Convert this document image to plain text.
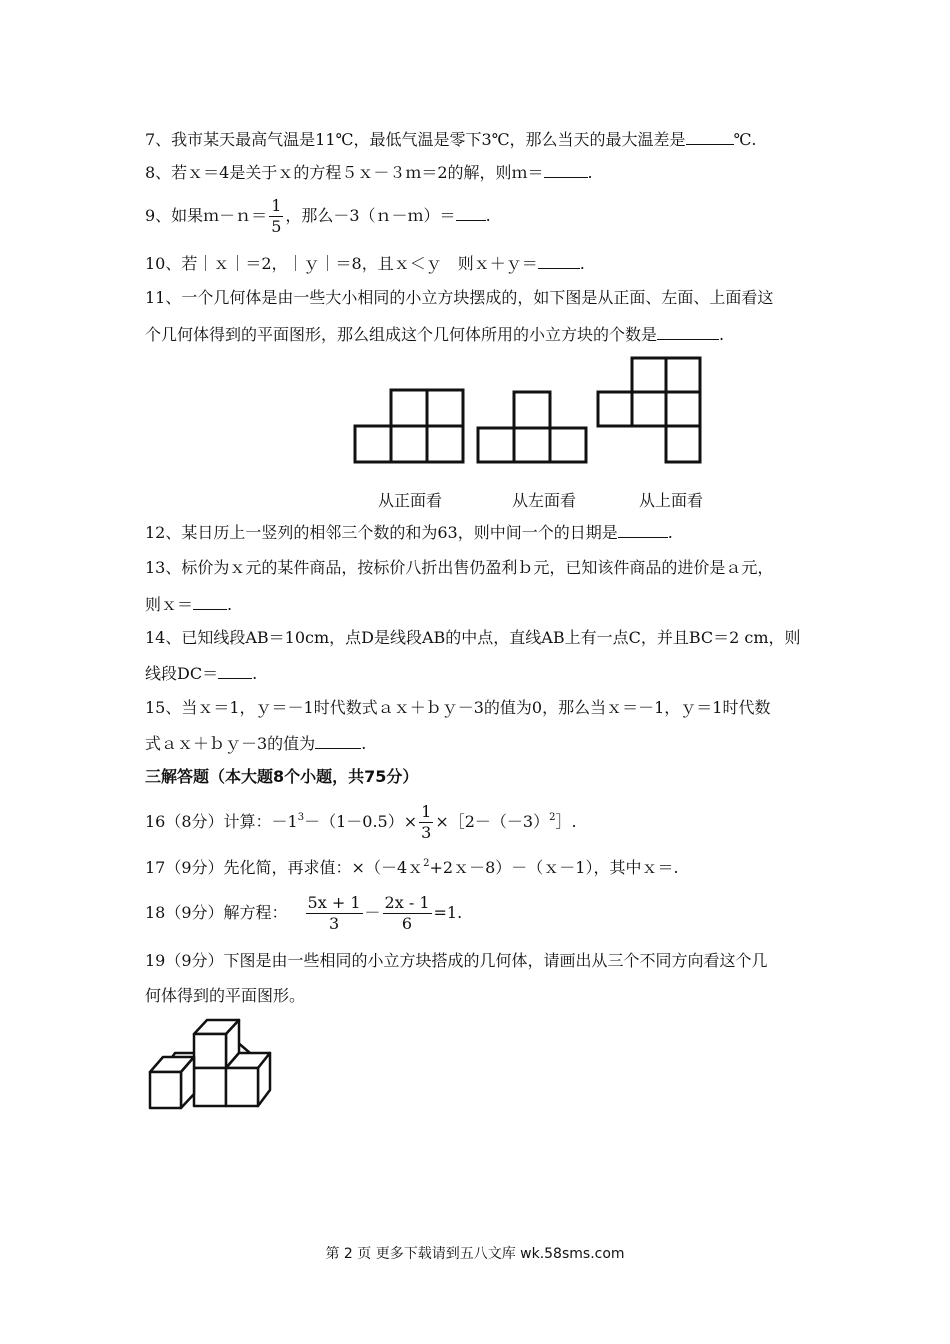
7、我市某天最高气温是11℃，最低气温是零下3℃，那么当天的最大温差是	℃.
8、若ｘ＝4是关于ｘ的方程５ｘ－３ｍ＝2的解，则ｍ＝	.
9、如果ｍ－ｎ＝ $\frac{1}{5}$ ，那么－3（ｎ－ｍ）＝ .
10、若｜ｘ｜＝2，｜ｙ｜＝8，且ｘ＜ｙ　则ｘ＋ｙ＝	.
11、一个几何体是由一些大小相同的小立方块摆成的，如下图是从正面、左面、上面看这
个几何体得到的平面图形，那么组成这个几何体所用的小立方块的个数是	.
从正面看	从左面看	从上面看
12、某日历上一竖列的相邻三个数的和为63，则中间一个的日期是	.
13、标价为ｘ元的某件商品，按标价八折出售仍盈利ｂ元，已知该件商品的进价是ａ元，
则ｘ＝ .
14、已知线段AB＝10cm，点D是线段AB的中点，直线AB上有一点C，并且BC＝2 cm，则
线段DC＝ .
15、当ｘ＝1，ｙ＝－1时代数式ａｘ＋ｂｙ－3的值为0，那么当ｘ＝－1，ｙ＝1时代数
式ａｘ＋ｂｙ－3的值为	.
三解答题（本大题8个小题，共75分）
16（8分）计算：$-1^3-(1-0.5)\times \frac{1}{3}$ $\times[2-(-3)^2]$.
17（9分）先化简，再求值：×（－4ｘ$^2$+2ｘ－8）－（ｘ－1），其中ｘ＝.
18（9分）解方程： $\frac{5x + 1}{3} - \frac{2x - 1}{6} =1$.
19（9分）下图是由一些相同的小立方块搭成的几何体，请画出从三个不同方向看这个几
何体得到的平面图形。
第 2 页 更多下载请到五八文库 wk.58sms.com
